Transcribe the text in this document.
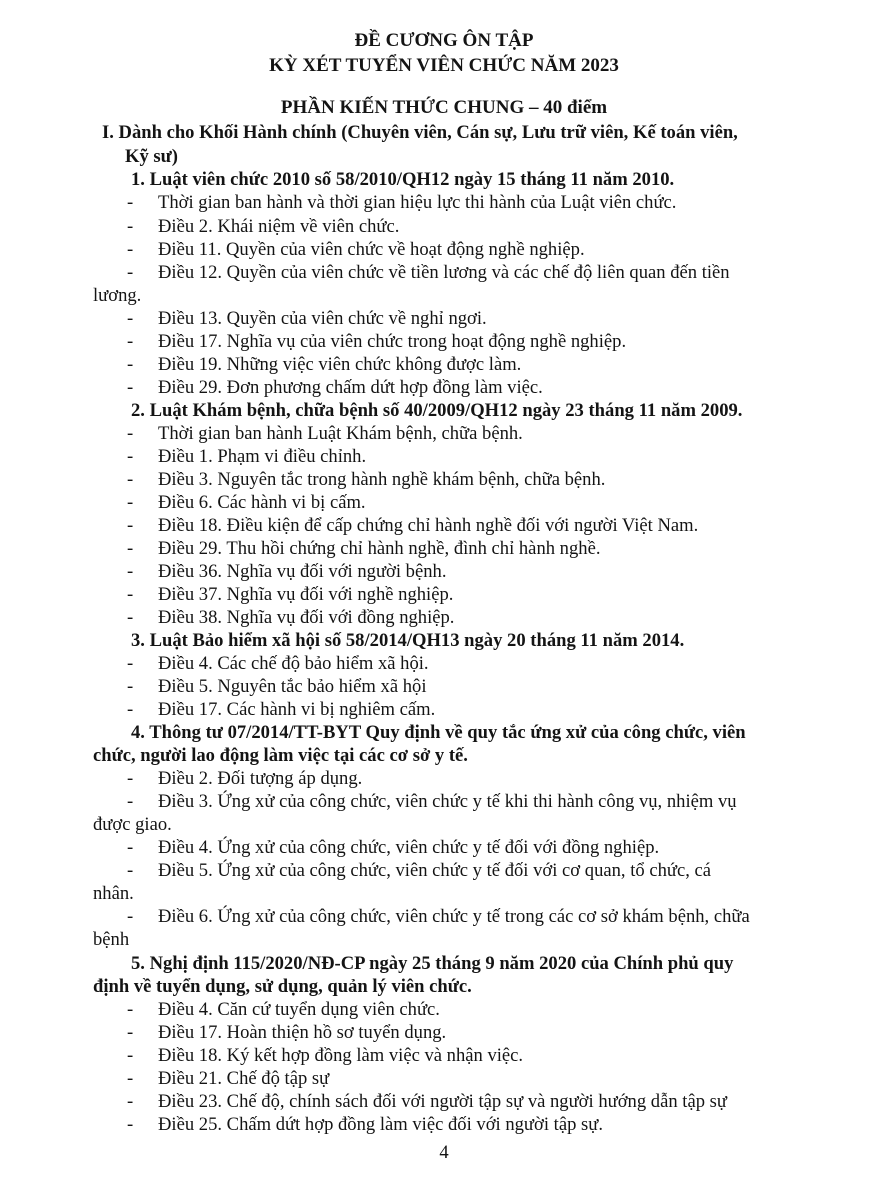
ĐỀ CƯƠNG ÔN TẬP
KỲ XÉT TUYỂN VIÊN CHỨC NĂM 2023
PHẦN KIẾN THỨC CHUNG – 40 điểm
I. Dành cho Khối Hành chính (Chuyên viên, Cán sự, Lưu trữ viên, Kế toán viên,
Kỹ sư)
1. Luật viên chức 2010 số 58/2010/QH12 ngày 15 tháng 11 năm 2010.
- Thời gian ban hành và thời gian hiệu lực thi hành của Luật viên chức.
- Điều 2. Khái niệm về viên chức.
- Điều 11. Quyền của viên chức về hoạt động nghề nghiệp.
- Điều 12. Quyền của viên chức về tiền lương và các chế độ liên quan đến tiền
lương.
- Điều 13. Quyền của viên chức về nghỉ ngơi.
- Điều 17. Nghĩa vụ của viên chức trong hoạt động nghề nghiệp.
- Điều 19. Những việc viên chức không được làm.
- Điều 29. Đơn phương chấm dứt hợp đồng làm việc.
2. Luật Khám bệnh, chữa bệnh số 40/2009/QH12 ngày 23 tháng 11 năm 2009.
- Thời gian ban hành Luật Khám bệnh, chữa bệnh.
- Điều 1. Phạm vi điều chỉnh.
- Điều 3. Nguyên tắc trong hành nghề khám bệnh, chữa bệnh.
- Điều 6. Các hành vi bị cấm.
- Điều 18. Điều kiện để cấp chứng chỉ hành nghề đối với người Việt Nam.
- Điều 29. Thu hồi chứng chỉ hành nghề, đình chỉ hành nghề.
- Điều 36. Nghĩa vụ đối với người bệnh.
- Điều 37. Nghĩa vụ đối với nghề nghiệp.
- Điều 38. Nghĩa vụ đối với đồng nghiệp.
3. Luật Bảo hiểm xã hội số 58/2014/QH13 ngày 20 tháng 11 năm 2014.
- Điều 4. Các chế độ bảo hiểm xã hội.
- Điều 5. Nguyên tắc bảo hiểm xã hội
- Điều 17. Các hành vi bị nghiêm cấm.
4. Thông tư 07/2014/TT-BYT Quy định về quy tắc ứng xử của công chức, viên
chức, người lao động làm việc tại các cơ sở y tế.
- Điều 2. Đối tượng áp dụng.
- Điều 3. Ứng xử của công chức, viên chức y tế khi thi hành công vụ, nhiệm vụ
được giao.
- Điều 4. Ứng xử của công chức, viên chức y tế đối với đồng nghiệp.
- Điều 5. Ứng xử của công chức, viên chức y tế đối với cơ quan, tổ chức, cá
nhân.
- Điều 6. Ứng xử của công chức, viên chức y tế trong các cơ sở khám bệnh, chữa
bệnh
5. Nghị định 115/2020/NĐ-CP ngày 25 tháng 9 năm 2020 của Chính phủ quy
định về tuyển dụng, sử dụng, quản lý viên chức.
- Điều 4. Căn cứ tuyển dụng viên chức.
- Điều 17. Hoàn thiện hồ sơ tuyển dụng.
- Điều 18. Ký kết hợp đồng làm việc và nhận việc.
- Điều 21. Chế độ tập sự
- Điều 23. Chế độ, chính sách đối với người tập sự và người hướng dẫn tập sự
- Điều 25. Chấm dứt hợp đồng làm việc đối với người tập sự.
4
